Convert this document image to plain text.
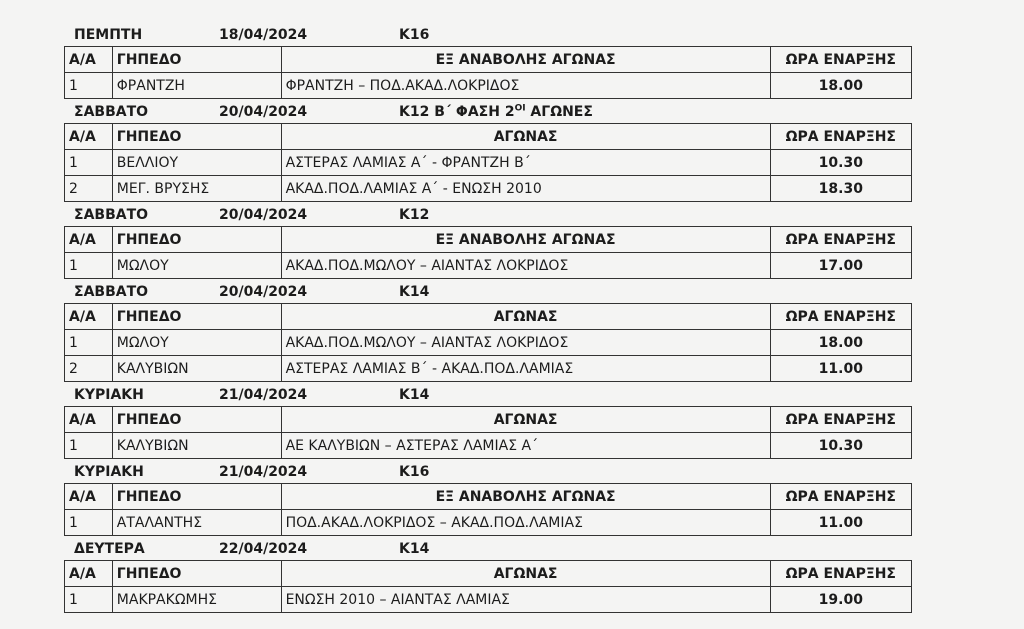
ΠΕΜΠΤΗ	18/04/2024	Κ16
Α/Α	ΓΗΠΕΔΟ	ΕΞ ΑΝΑΒΟΛΗΣ ΑΓΩΝΑΣ	ΩΡΑ ΕΝΑΡΞΗΣ
1	ΦΡΑΝΤΖΗ	ΦΡΑΝΤΖΗ – ΠΟΔ.ΑΚΑΔ.ΛΟΚΡΙΔΟΣ	18.00
ΣΑΒΒΑΤΟ	20/04/2024	Κ12 Β΄ ΦΑΣΗ $2^{OI}$ ΑΓΩΝΕΣ
Α/Α	ΓΗΠΕΔΟ	ΑΓΩΝΑΣ	ΩΡΑ ΕΝΑΡΞΗΣ
1	ΒΕΛΛΙΟΥ	ΑΣΤΕΡΑΣ ΛΑΜΙΑΣ Α΄ - ΦΡΑΝΤΖΗ Β΄	10.30
2	ΜΕΓ. ΒΡΥΣΗΣ	ΑΚΑΔ.ΠΟΔ.ΛΑΜΙΑΣ Α΄ - ΕΝΩΣΗ 2010	18.30
ΣΑΒΒΑΤΟ	20/04/2024	Κ12
Α/Α	ΓΗΠΕΔΟ	ΕΞ ΑΝΑΒΟΛΗΣ ΑΓΩΝΑΣ	ΩΡΑ ΕΝΑΡΞΗΣ
1	ΜΩΛΟΥ	ΑΚΑΔ.ΠΟΔ.ΜΩΛΟΥ – ΑΙΑΝΤΑΣ ΛΟΚΡΙΔΟΣ	17.00
ΣΑΒΒΑΤΟ	20/04/2024	Κ14
Α/Α	ΓΗΠΕΔΟ	ΑΓΩΝΑΣ	ΩΡΑ ΕΝΑΡΞΗΣ
1	ΜΩΛΟΥ	ΑΚΑΔ.ΠΟΔ.ΜΩΛΟΥ – ΑΙΑΝΤΑΣ ΛΟΚΡΙΔΟΣ	18.00
2	ΚΑΛΥΒΙΩΝ	ΑΣΤΕΡΑΣ ΛΑΜΙΑΣ Β΄ - ΑΚΑΔ.ΠΟΔ.ΛΑΜΙΑΣ	11.00
ΚΥΡΙΑΚΗ	21/04/2024	Κ14
Α/Α	ΓΗΠΕΔΟ	ΑΓΩΝΑΣ	ΩΡΑ ΕΝΑΡΞΗΣ
1	ΚΑΛΥΒΙΩΝ	ΑΕ ΚΑΛΥΒΙΩΝ – ΑΣΤΕΡΑΣ ΛΑΜΙΑΣ Α΄	10.30
ΚΥΡΙΑΚΗ	21/04/2024	Κ16
Α/Α	ΓΗΠΕΔΟ	ΕΞ ΑΝΑΒΟΛΗΣ ΑΓΩΝΑΣ	ΩΡΑ ΕΝΑΡΞΗΣ
1	ΑΤΑΛΑΝΤΗΣ	ΠΟΔ.ΑΚΑΔ.ΛΟΚΡΙΔΟΣ – ΑΚΑΔ.ΠΟΔ.ΛΑΜΙΑΣ	11.00
ΔΕΥΤΕΡΑ	22/04/2024	Κ14
Α/Α	ΓΗΠΕΔΟ	ΑΓΩΝΑΣ	ΩΡΑ ΕΝΑΡΞΗΣ
1	ΜΑΚΡΑΚΩΜΗΣ	ΕΝΩΣΗ 2010 – ΑΙΑΝΤΑΣ ΛΑΜΙΑΣ	19.00
